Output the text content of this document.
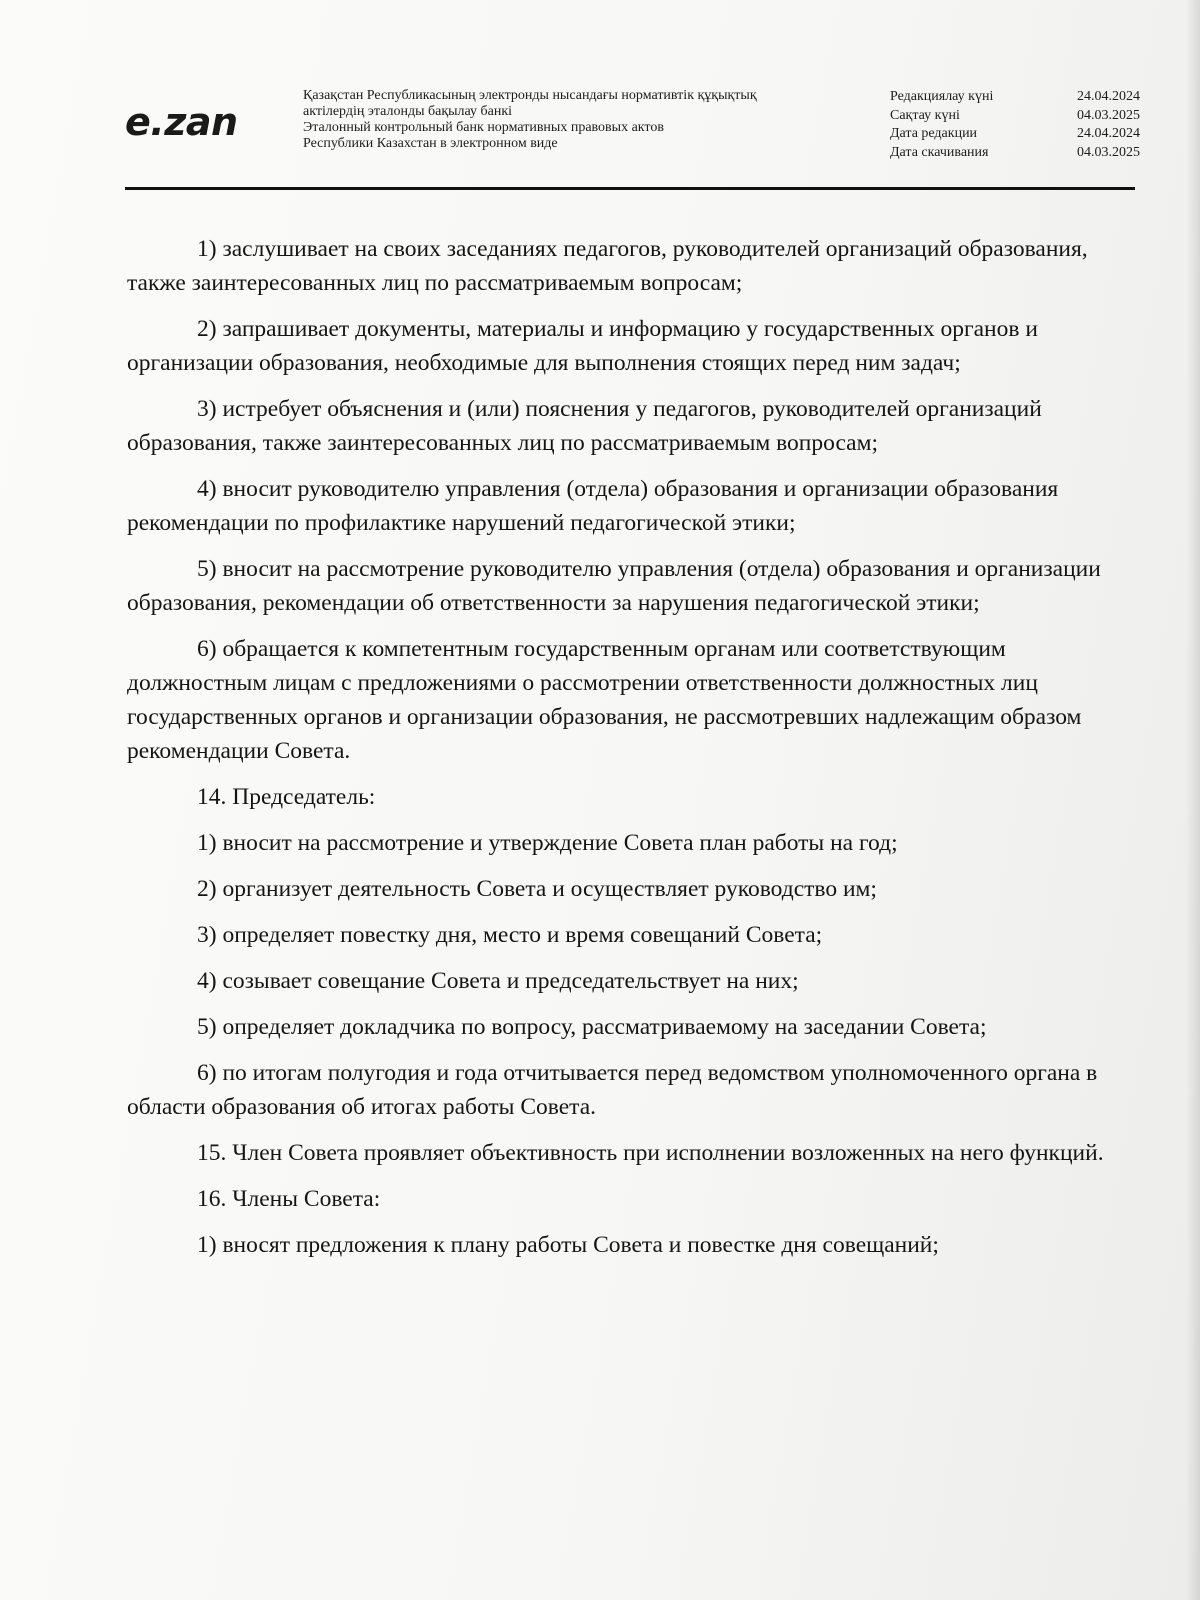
e.zan
Қазақстан Республикасының электронды нысандағы нормативтік құқықтық
актілердің эталонды бақылау банкі
Эталонный контрольный банк нормативных правовых актов
Республики Казахстан в электронном виде
Редакциялау күні	24.04.2024
Сақтау күні	04.03.2025
Дата редакции	24.04.2024
Дата скачивания	04.03.2025

1) заслушивает на своих заседаниях педагогов, руководителей организаций образования, также заинтересованных лиц по рассматриваемым вопросам;

2) запрашивает документы, материалы и информацию у государственных органов и организации образования, необходимые для выполнения стоящих перед ним задач;

3) истребует объяснения и (или) пояснения у педагогов, руководителей организаций образования, также заинтересованных лиц по рассматриваемым вопросам;

4) вносит руководителю управления (отдела) образования и организации образования рекомендации по профилактике нарушений педагогической этики;

5) вносит на рассмотрение руководителю управления (отдела) образования и организации образования, рекомендации об ответственности за нарушения педагогической этики;

6) обращается к компетентным государственным органам или соответствующим должностным лицам с предложениями о рассмотрении ответственности должностных лиц государственных органов и организации образования, не рассмотревших надлежащим образом рекомендации Совета.

14. Председатель:

1) вносит на рассмотрение и утверждение Совета план работы на год;

2) организует деятельность Совета и осуществляет руководство им;

3) определяет повестку дня, место и время совещаний Совета;

4) созывает совещание Совета и председательствует на них;

5) определяет докладчика по вопросу, рассматриваемому на заседании Совета;

6) по итогам полугодия и года отчитывается перед ведомством уполномоченного органа в области образования об итогах работы Совета.

15. Член Совета проявляет объективность при исполнении возложенных на него функций.

16. Члены Совета:

1) вносят предложения к плану работы Совета и повестке дня совещаний;
